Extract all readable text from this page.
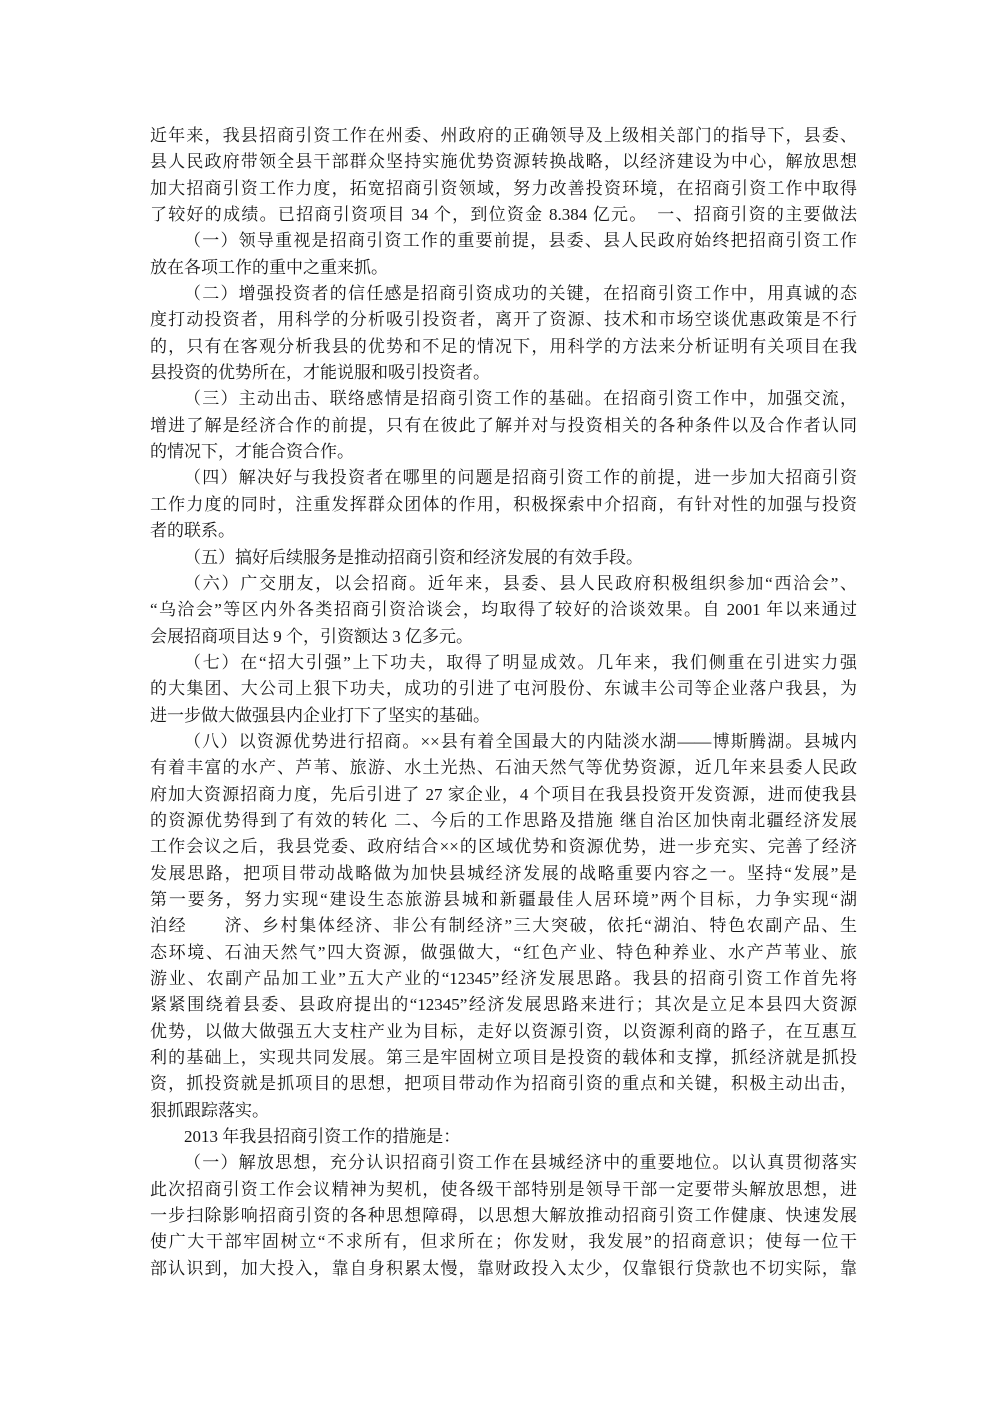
近年来，我县招商引资工作在州委、州政府的正确领导及上级相关部门的指导下，县委、
县人民政府带领全县干部群众坚持实施优势资源转换战略，以经济建设为中心，解放思想
加大招商引资工作力度，拓宽招商引资领域，努力改善投资环境，在招商引资工作中取得
了较好的成绩。已招商引资项目 34 个，到位资金 8.384 亿元。　一、招商引资的主要做法
（一）领导重视是招商引资工作的重要前提，县委、县人民政府始终把招商引资工作
放在各项工作的重中之重来抓。
（二）增强投资者的信任感是招商引资成功的关键，在招商引资工作中，用真诚的态
度打动投资者，用科学的分析吸引投资者，离开了资源、技术和市场空谈优惠政策是不行
的，只有在客观分析我县的优势和不足的情况下，用科学的方法来分析证明有关项目在我
县投资的优势所在，才能说服和吸引投资者。
（三）主动出击、联络感情是招商引资工作的基础。在招商引资工作中，加强交流，
增进了解是经济合作的前提，只有在彼此了解并对与投资相关的各种条件以及合作者认同
的情况下，才能合资合作。
（四）解决好与我投资者在哪里的问题是招商引资工作的前提，进一步加大招商引资
工作力度的同时，注重发挥群众团体的作用，积极探索中介招商，有针对性的加强与投资
者的联系。
（五）搞好后续服务是推动招商引资和经济发展的有效手段。
（六）广交朋友，以会招商。近年来，县委、县人民政府积极组织参加“西洽会”、
“乌洽会”等区内外各类招商引资洽谈会，均取得了较好的洽谈效果。自 2001 年以来通过
会展招商项目达 9 个，引资额达 3 亿多元。
（七）在“招大引强”上下功夫，取得了明显成效。几年来，我们侧重在引进实力强
的大集团、大公司上狠下功夫，成功的引进了屯河股份、东诚丰公司等企业落户我县，为
进一步做大做强县内企业打下了坚实的基础。
（八）以资源优势进行招商。××县有着全国最大的内陆淡水湖——博斯腾湖。县城内
有着丰富的水产、芦苇、旅游、水土光热、石油天然气等优势资源，近几年来县委人民政
府加大资源招商力度，先后引进了 27 家企业，4 个项目在我县投资开发资源，进而使我县
的资源优势得到了有效的转化 二、今后的工作思路及措施 继自治区加快南北疆经济发展
工作会议之后，我县党委、政府结合××的区域优势和资源优势，进一步充实、完善了经济
发展思路，把项目带动战略做为加快县城经济发展的战略重要内容之一。坚持“发展”是
第一要务，努力实现“建设生态旅游县城和新疆最佳人居环境”两个目标，力争实现“湖
泊经　　济、乡村集体经济、非公有制经济”三大突破，依托“湖泊、特色农副产品、生
态环境、石油天然气”四大资源，做强做大，“红色产业、特色种养业、水产芦苇业、旅
游业、农副产品加工业”五大产业的“12345”经济发展思路。我县的招商引资工作首先将
紧紧围绕着县委、县政府提出的“12345”经济发展思路来进行；其次是立足本县四大资源
优势，以做大做强五大支柱产业为目标，走好以资源引资，以资源利商的路子，在互惠互
利的基础上，实现共同发展。第三是牢固树立项目是投资的载体和支撑，抓经济就是抓投
资，抓投资就是抓项目的思想，把项目带动作为招商引资的重点和关键，积极主动出击，
狠抓跟踪落实。
2013 年我县招商引资工作的措施是：
（一）解放思想，充分认识招商引资工作在县城经济中的重要地位。以认真贯彻落实
此次招商引资工作会议精神为契机，使各级干部特别是领导干部一定要带头解放思想，进
一步扫除影响招商引资的各种思想障碍，以思想大解放推动招商引资工作健康、快速发展
使广大干部牢固树立“不求所有，但求所在；你发财，我发展”的招商意识；使每一位干
部认识到，加大投入，靠自身积累太慢，靠财政投入太少，仅靠银行贷款也不切实际，靠
